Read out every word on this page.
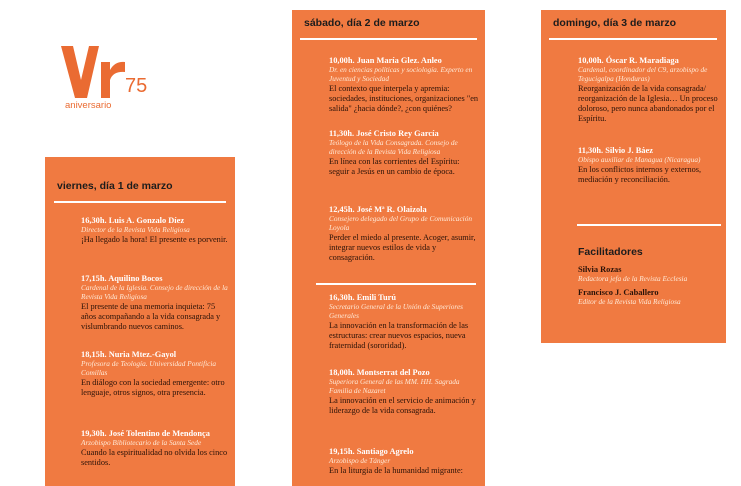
75
aniversario
viernes, día 1 de marzo
16,30h. Luis A. Gonzalo Díez
Director de la Revista Vida Religiosa
¡Ha llegado la hora! El presente es porvenir.
17,15h. Aquilino Bocos
Cardenal de la Iglesia. Consejo de dirección de la Revista Vida Religiosa
El presente de una memoria inquieta: 75 años acompañando a la vida consagrada y vislumbrando nuevos caminos.
18,15h. Nuria Mtez.-Gayol
Profesora de Teología. Universidad Pontificia Comillas
En diálogo con la sociedad emergente: otro lenguaje, otros signos, otra presencia.
19,30h. José Tolentino de Mendonça
Arzobispo Bibliotecario de la Santa Sede
Cuando la espiritualidad no olvida los cinco sentidos.
sábado, día 2 de marzo
10,00h. Juan María Glez. Anleo
Dr. en ciencias políticas y sociología. Experto en Juventud y Sociedad
El contexto que interpela y apremia: sociedades, instituciones, organizaciones "en salida" ¿hacia dónde?, ¿con quiénes?
11,30h. José Cristo Rey García
Teólogo de la Vida Consagrada. Consejo de dirección de la Revista Vida Religiosa
En línea con las corrientes del Espíritu: seguir a Jesús en un cambio de época.
12,45h. José Mª R. Olaizola
Consejero delegado del Grupo de Comunicación Loyola
Perder el miedo al presente. Acoger, asumir, integrar nuevos estilos de vida y consagración.
16,30h. Emili Turú
Secretario General de la Unión de Superiores Generales
La innovación en la transformación de las estructuras: crear nuevos espacios, nueva fraternidad (sororidad).
18,00h. Montserrat del Pozo
Superiora General de las MM. HH. Sagrada Familia de Nazaret
La innovación en el servicio de animación y liderazgo de la vida consagrada.
19,15h. Santiago Agrelo
Arzobispo de Tánger
En la liturgia de la humanidad migrante:
domingo, día 3 de marzo
10,00h. Óscar R. Maradiaga
Cardenal, coordinador del C9, arzobispo de Tegucigalpa (Honduras)
Reorganización de la vida consagrada/ reorganización de la Iglesia… Un proceso doloroso, pero nunca abandonados por el Espíritu.
11,30h. Silvio J. Báez
Obispo auxiliar de Managua (Nicaragua)
En los conflictos internos y externos, mediación y reconciliación.
Facilitadores
Silvia Rozas
Redactora jefa de la Revista Ecclesia
Francisco J. Caballero
Editor de la Revista Vida Religiosa
